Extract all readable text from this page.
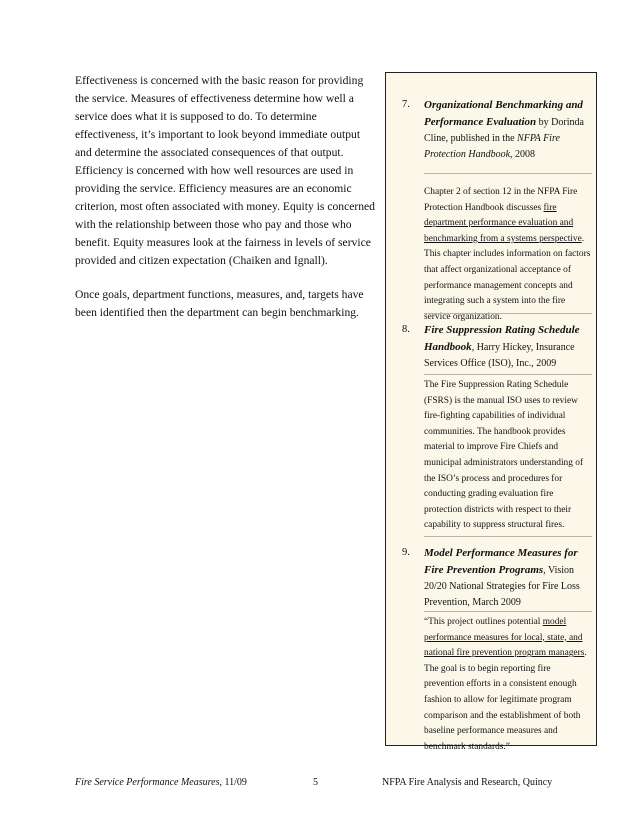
Effectiveness is concerned with the basic reason for providing the service. Measures of effectiveness determine how well a service does what it is supposed to do. To determine effectiveness, it’s important to look beyond immediate output and determine the associated consequences of that output. Efficiency is concerned with how well resources are used in providing the service. Efficiency measures are an economic criterion, most often associated with money. Equity is concerned with the relationship between those who pay and those who benefit. Equity measures look at the fairness in levels of service provided and citizen expectation (Chaiken and Ignall).

Once goals, department functions, measures, and, targets have been identified then the department can begin benchmarking.

7. Organizational Benchmarking and Performance Evaluation by Dorinda Cline, published in the NFPA Fire Protection Handbook, 2008
Chapter 2 of section 12 in the NFPA Fire Protection Handbook discusses fire department performance evaluation and benchmarking from a systems perspective. This chapter includes information on factors that affect organizational acceptance of performance management concepts and integrating such a system into the fire service organization.
8. Fire Suppression Rating Schedule Handbook, Harry Hickey, Insurance Services Office (ISO), Inc., 2009
The Fire Suppression Rating Schedule (FSRS) is the manual ISO uses to review fire-fighting capabilities of individual communities. The handbook provides material to improve Fire Chiefs and municipal administrators understanding of the ISO’s process and procedures for conducting grading evaluation fire protection districts with respect to their capability to suppress structural fires.
9. Model Performance Measures for Fire Prevention Programs, Vision 20/20 National Strategies for Fire Loss Prevention, March 2009
“This project outlines potential model performance measures for local, state, and national fire prevention program managers. The goal is to begin reporting fire prevention efforts in a consistent enough fashion to allow for legitimate program comparison and the establishment of both baseline performance measures and benchmark standards.”
Fire Service Performance Measures, 11/09	5	NFPA Fire Analysis and Research, Quincy
